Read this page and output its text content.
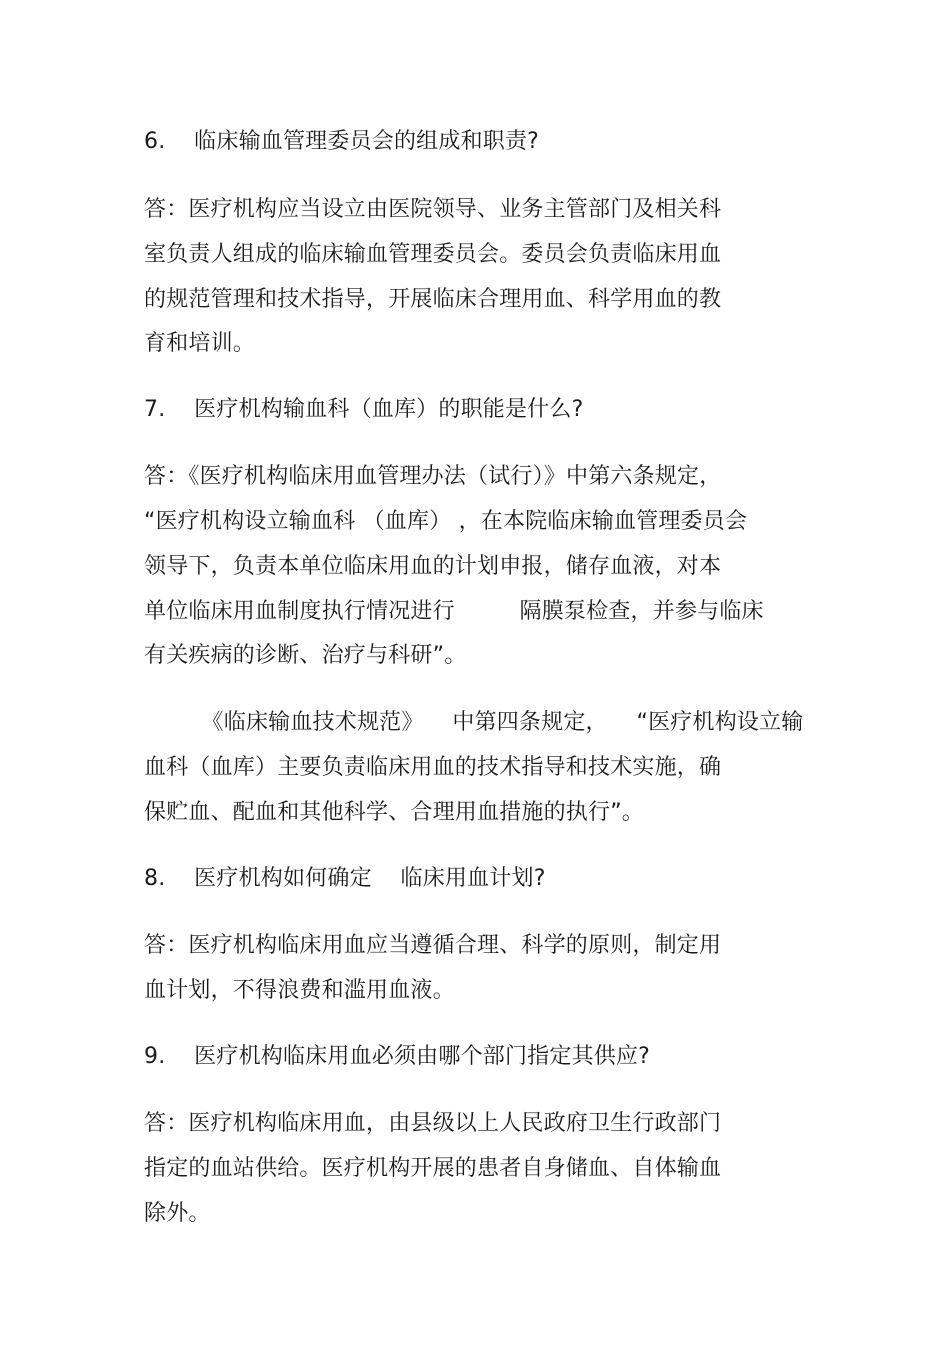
6.    临床输血管理委员会的组成和职责?
答：医疗机构应当设立由医院领导、业务主管部门及相关科
室负责人组成的临床输血管理委员会。委员会负责临床用血
的规范管理和技术指导，开展临床合理用血、科学用血的教
育和培训。
7.    医疗机构输血科（血库）的职能是什么?
答：《医疗机构临床用血管理办法（试行）》中第六条规定，
“医疗机构设立输血科 （血库） ，在本院临床输血管理委员会
领导下，负责本单位临床用血的计划申报，储存血液，对本
单位临床用血制度执行情况进行         隔膜泵检查，并参与临床
有关疾病的诊断、治疗与科研”。
《临床输血技术规范》    中第四条规定，    “医疗机构设立输
血科（血库）主要负责临床用血的技术指导和技术实施，确
保贮血、配血和其他科学、合理用血措施的执行”。
8.    医疗机构如何确定    临床用血计划?
答：医疗机构临床用血应当遵循合理、科学的原则，制定用
血计划，不得浪费和滥用血液。
9.    医疗机构临床用血必须由哪个部门指定其供应?
答：医疗机构临床用血，由县级以上人民政府卫生行政部门
指定的血站供给。医疗机构开展的患者自身储血、自体输血
除外。
